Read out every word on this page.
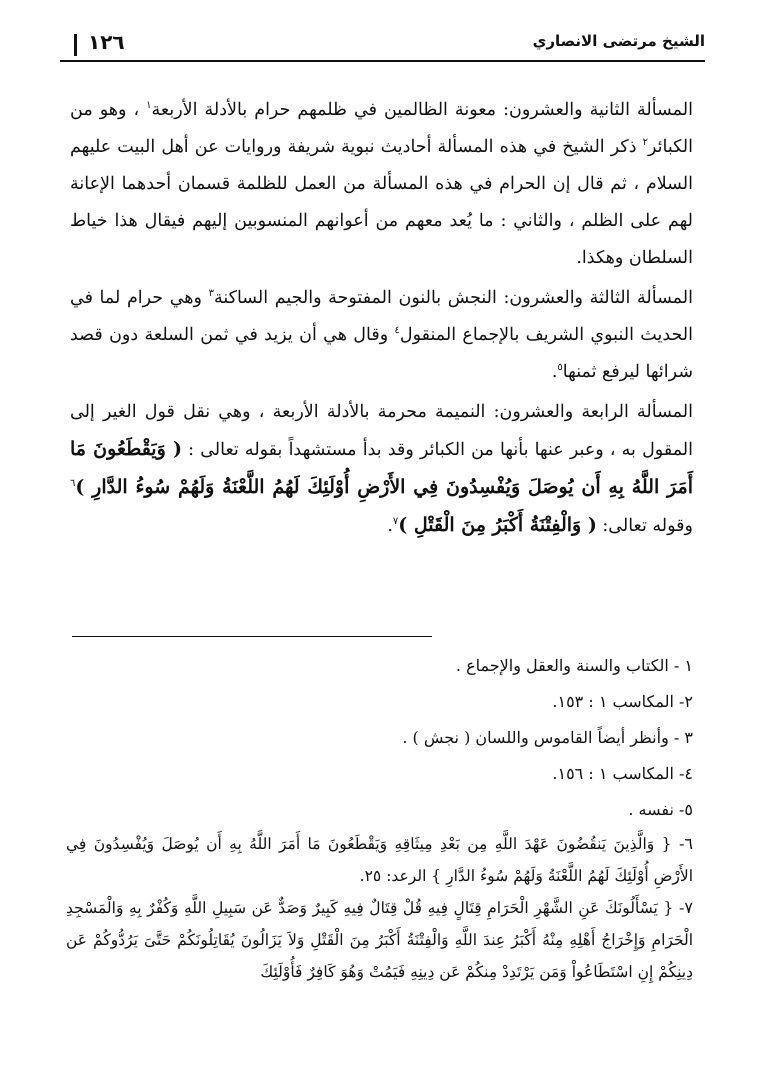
الشيخ مرتضى الانصاري
١٢٦

المسألة الثانية والعشرون: معونة الظالمين في ظلمهم حرام بالأدلة الأربعة$^١$ ، وهو من الكبائر$^٢$ ذكر الشيخ في هذه المسألة أحاديث نبوية شريفة وروايات عن أهل البيت عليهم السلام ، ثم قال إن الحرام في هذه المسألة من العمل للظلمة قسمان أحدهما الإعانة لهم على الظلم ، والثاني : ما يُعد معهم من أعوانهم المنسوبين إليهم فيقال هذا خياط السلطان وهكذا.

المسألة الثالثة والعشرون: النجش بالنون المفتوحة والجيم الساكنة$^٣$ وهي حرام لما في الحديث النبوي الشريف بالإجماع المنقول$^٤$ وقال هي أن يزيد في ثمن السلعة دون قصد شرائها ليرفع ثمنها$^٥$.

المسألة الرابعة والعشرون: النميمة محرمة بالأدلة الأربعة ، وهي نقل قول الغير إلى المقول به ، وعبر عنها بأنها من الكبائر وقد بدأ مستشهداً بقوله تعالى : ( وَيَقْطَعُونَ مَا أَمَرَ اللَّهُ بِهِ أَن يُوصَلَ وَيُفْسِدُونَ فِي الأَرْضِ أُوْلَئِكَ لَهُمُ اللَّعْنَةُ وَلَهُمْ سُوءُ الدَّارِ )$^٦$ وقوله تعالى: ( وَالْفِتْنَةُ أَكْبَرُ مِنَ الْقَتْلِ )$^٧$.

١ - الكتاب والسنة والعقل والإجماع .

٢- المكاسب ١ : ١٥٣.

٣ - وأنظر أيضاً القاموس واللسان ( نجش ) .

٤- المكاسب ١ : ١٥٦.

٥- نفسه .

٦- { وَالَّذِينَ يَنقُضُونَ عَهْدَ اللَّهِ مِن بَعْدِ مِيثَاقِهِ وَيَقْطَعُونَ مَا أَمَرَ اللَّهُ بِهِ أَن يُوصَلَ وَيُفْسِدُونَ فِي الأَرْضِ أُوْلَئِكَ لَهُمُ اللَّعْنَةُ وَلَهُمْ سُوءُ الدَّارِ } الرعد: ٢٥.

٧- { يَسْأَلُونَكَ عَنِ الشَّهْرِ الْحَرَامِ قِتَالٍ فِيهِ قُلْ قِتَالٌ فِيهِ كَبِيرٌ وَصَدٌّ عَن سَبِيلِ اللَّهِ وَكُفْرٌ بِهِ وَالْمَسْجِدِ الْحَرَامِ وَإِخْرَاجُ أَهْلِهِ مِنْهُ أَكْبَرُ عِندَ اللَّهِ وَالْفِتْنَةُ أَكْبَرُ مِنَ الْقَتْلِ وَلاَ يَزَالُونَ يُقَاتِلُونَكُمْ حَتَّىَ يَرُدُّوكُمْ عَن دِينِكُمْ إِنِ اسْتَطَاعُواْ وَمَن يَرْتَدِدْ مِنكُمْ عَن دِينِهِ فَيَمُتْ وَهُوَ كَافِرٌ فَأُوْلَئِكَ
